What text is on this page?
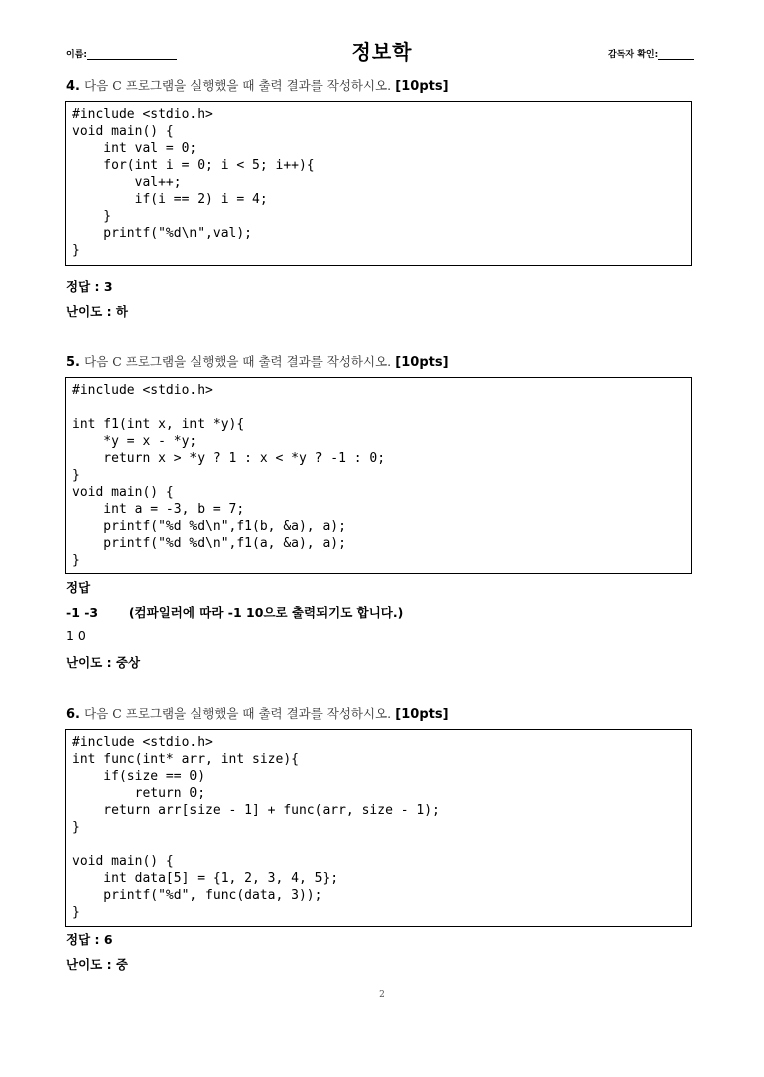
이름:	정보학	감독자 확인:
4. 다음 C 프로그램을 실행했을 때 출력 결과를 작성하시오. [10pts]
#include <stdio.h>
void main() {
int val = 0;
for(int i = 0; i < 5; i++){
val++;
if(i == 2) i = 4;
}
printf("%d\n",val);
}
정답 : 3
난이도 : 하
5. 다음 C 프로그램을 실행했을 때 출력 결과를 작성하시오. [10pts]
#include <stdio.h>

int f1(int x, int *y){
*y = x - *y;
return x > *y ? 1 : x < *y ? -1 : 0;
}
void main() {
int a = -3, b = 7;
printf("%d %d\n",f1(b, &a), a);
printf("%d %d\n",f1(a, &a), a);
}
정답
-1 -3 (컴파일러에 따라 -1 10으로 출력되기도 합니다.)
1 0
난이도 : 중상
6. 다음 C 프로그램을 실행했을 때 출력 결과를 작성하시오. [10pts]
#include <stdio.h>
int func(int* arr, int size){
if(size == 0)
return 0;
return arr[size - 1] + func(arr, size - 1);
}

void main() {
int data[5] = {1, 2, 3, 4, 5};
printf("%d", func(data, 3));
}
정답 : 6
난이도 : 중
2
